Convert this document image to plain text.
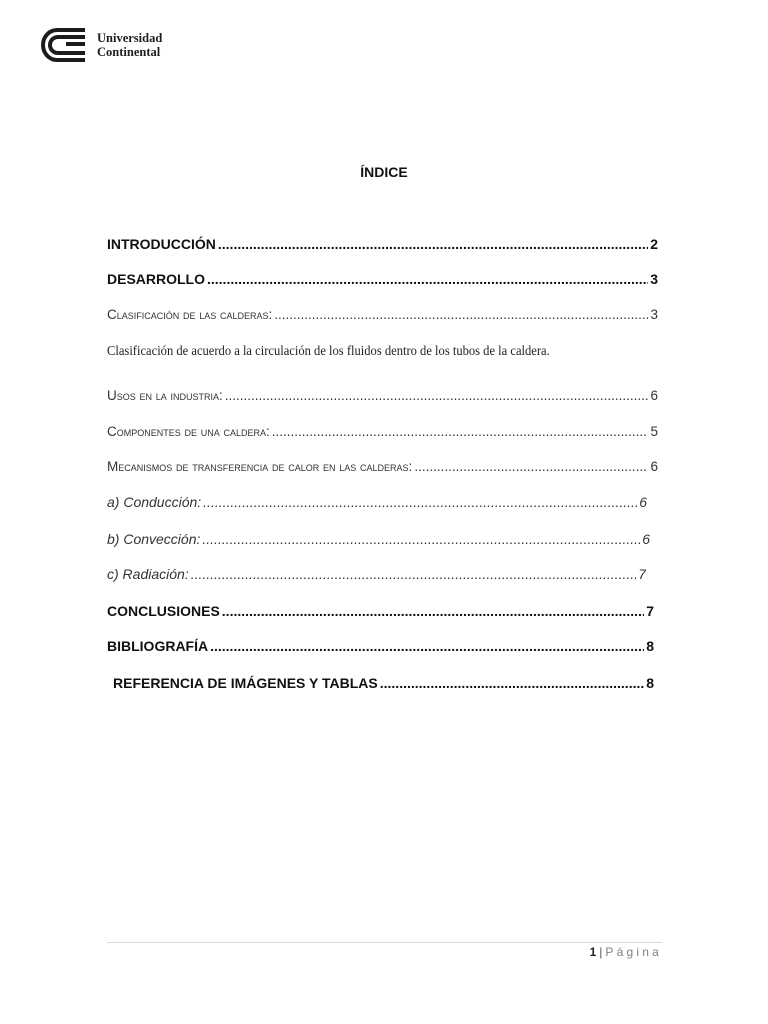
Universidad
Continental
ÍNDICE
INTRODUCCIÓN .....	2
DESARROLLO .....	3
Clasificación de las calderas: .....	3
Clasificación de acuerdo a la circulación de los fluidos dentro de los tubos de la caldera.
Usos en la industria: .....	6
Componentes de una caldera: .....	5
Mecanismos de transferencia de calor en las calderas: .....	6
a) Conducción: .....	6
b) Convección: .....	6
c) Radiación: .....	7
CONCLUSIONES .....	7
BIBLIOGRAFÍA .....	8
REFERENCIA DE IMÁGENES Y TABLAS .....	8
1 | Página
